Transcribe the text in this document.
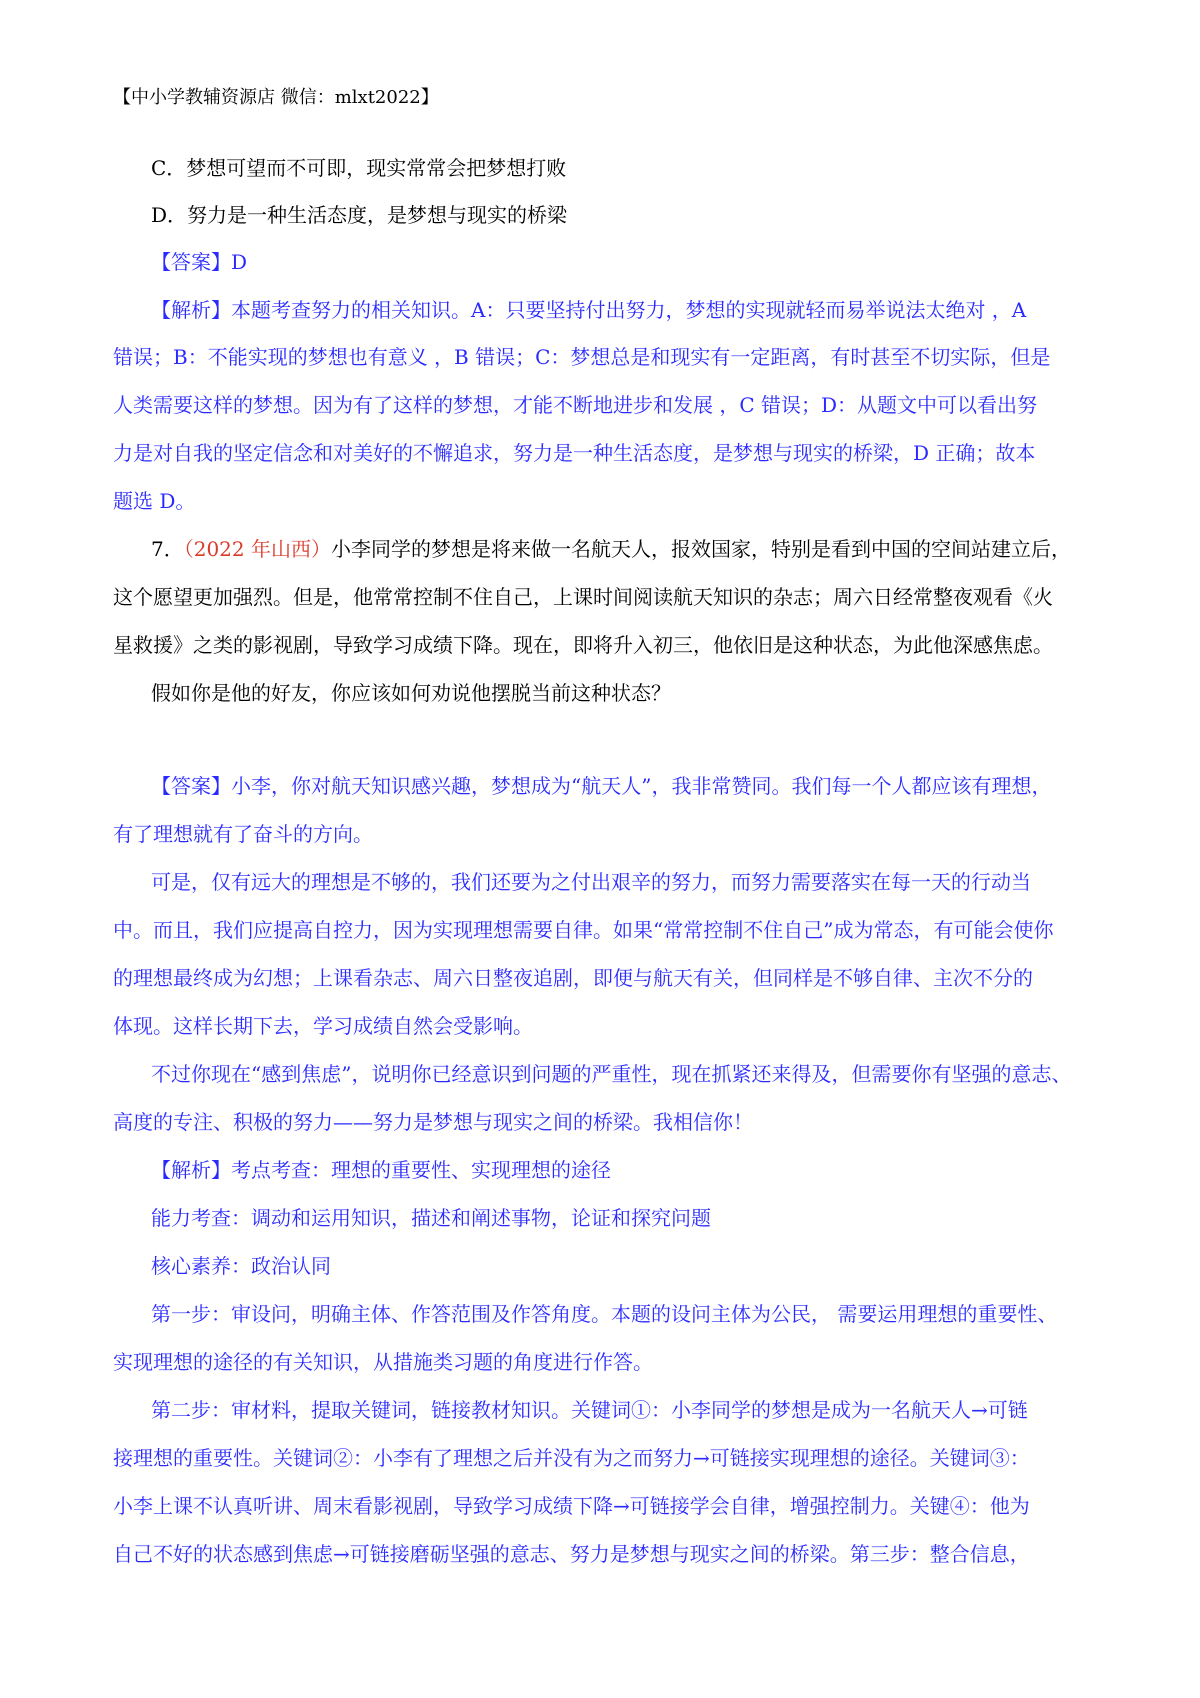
【中小学教辅资源店 微信：mlxt2022】
C．梦想可望而不可即，现实常常会把梦想打败
D．努力是一种生活态度，是梦想与现实的桥梁
【答案】D
【解析】本题考查努力的相关知识。A：只要坚持付出努力，梦想的实现就轻而易举说法太绝对 ，A
错误；B：不能实现的梦想也有意义 ，B 错误；C：梦想总是和现实有一定距离，有时甚至不切实际，但是
人类需要这样的梦想。因为有了这样的梦想，才能不断地进步和发展 ，C 错误；D：从题文中可以看出努
力是对自我的坚定信念和对美好的不懈追求，努力是一种生活态度，是梦想与现实的桥梁，D 正确；故本
题选 D。
7．（2022 年山西）小李同学的梦想是将来做一名航天人，报效国家，特别是看到中国的空间站建立后，
这个愿望更加强烈。但是，他常常控制不住自己，上课时间阅读航天知识的杂志；周六日经常整夜观看《火
星救援》之类的影视剧，导致学习成绩下降。现在，即将升入初三，他依旧是这种状态，为此他深感焦虑。
假如你是他的好友，你应该如何劝说他摆脱当前这种状态？
【答案】小李，你对航天知识感兴趣，梦想成为“航天人”，我非常赞同。我们每一个人都应该有理想，
有了理想就有了奋斗的方向。
可是，仅有远大的理想是不够的，我们还要为之付出艰辛的努力，而努力需要落实在每一天的行动当
中。而且，我们应提高自控力，因为实现理想需要自律。如果“常常控制不住自己”成为常态，有可能会使你
的理想最终成为幻想；上课看杂志、周六日整夜追剧，即便与航天有关，但同样是不够自律、主次不分的
体现。这样长期下去，学习成绩自然会受影响。
不过你现在“感到焦虑”，说明你已经意识到问题的严重性，现在抓紧还来得及，但需要你有坚强的意志、
高度的专注、积极的努力——努力是梦想与现实之间的桥梁。我相信你！
【解析】考点考查：理想的重要性、实现理想的途径
能力考查：调动和运用知识，描述和阐述事物，论证和探究问题
核心素养：政治认同
第一步：审设问，明确主体、作答范围及作答角度。本题的设问主体为公民， 需要运用理想的重要性、
实现理想的途径的有关知识，从措施类习题的角度进行作答。
第二步：审材料，提取关键词，链接教材知识。关键词①：小李同学的梦想是成为一名航天人→可链
接理想的重要性。关键词②：小李有了理想之后并没有为之而努力→可链接实现理想的途径。关键词③：
小李上课不认真听讲、周末看影视剧，导致学习成绩下降→可链接学会自律，增强控制力。关键④：他为
自己不好的状态感到焦虑→可链接磨砺坚强的意志、努力是梦想与现实之间的桥梁。第三步：整合信息，
